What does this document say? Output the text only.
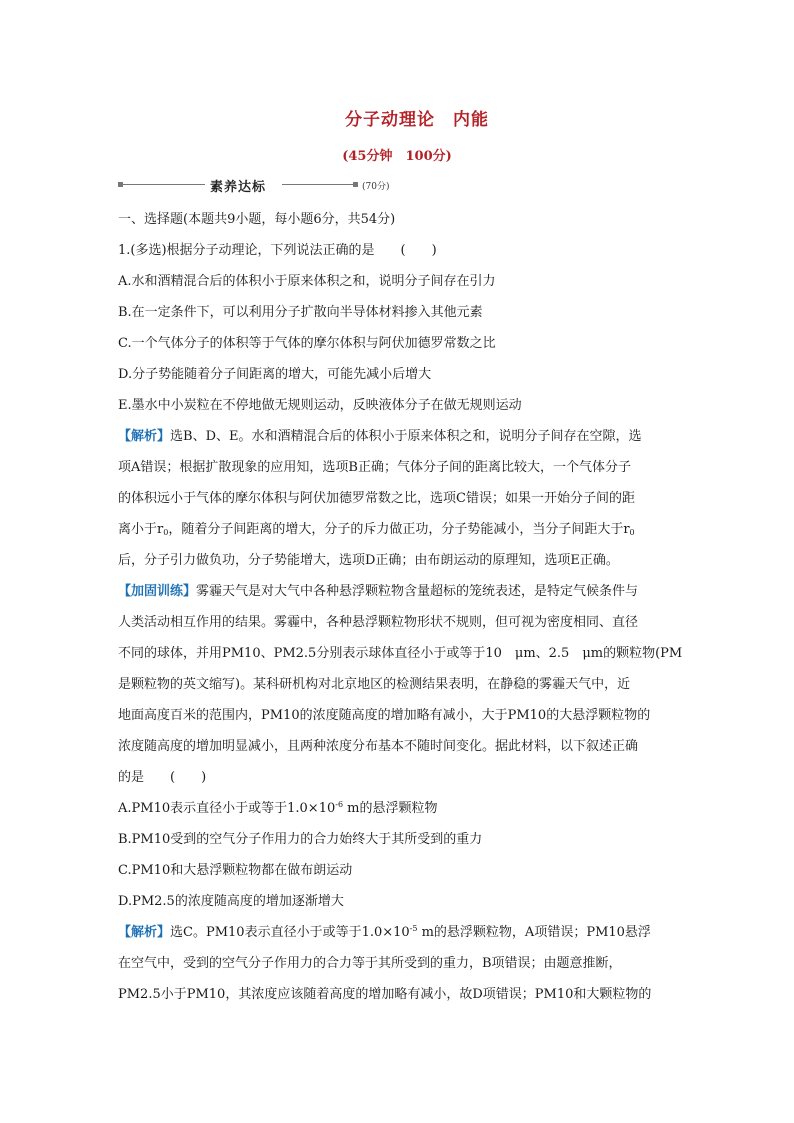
分子动理论　内能
(45分钟　100分)
素养达标	(70分)
一、选择题(本题共9小题，每小题6分，共54分)
1.(多选)根据分子动理论，下列说法正确的是　　(　　)
A.水和酒精混合后的体积小于原来体积之和，说明分子间存在引力
B.在一定条件下，可以利用分子扩散向半导体材料掺入其他元素
C.一个气体分子的体积等于气体的摩尔体积与阿伏加德罗常数之比
D.分子势能随着分子间距离的增大，可能先减小后增大
E.墨水中小炭粒在不停地做无规则运动，反映液体分子在做无规则运动
【解析】选B、D、E。水和酒精混合后的体积小于原来体积之和，说明分子间存在空隙，选
项A错误；根据扩散现象的应用知，选项B正确；气体分子间的距离比较大，一个气体分子
的体积远小于气体的摩尔体积与阿伏加德罗常数之比，选项C错误；如果一开始分子间的距
离小于$r_0$，随着分子间距离的增大，分子的斥力做正功，分子势能减小，当分子间距大于$r_0$
后，分子引力做负功，分子势能增大，选项D正确；由布朗运动的原理知，选项E正确。
【加固训练】雾霾天气是对大气中各种悬浮颗粒物含量超标的笼统表述，是特定气候条件与
人类活动相互作用的结果。雾霾中，各种悬浮颗粒物形状不规则，但可视为密度相同、直径
不同的球体，并用PM10、PM2.5分别表示球体直径小于或等于10　μm、2.5　μm的颗粒物(PM
是颗粒物的英文缩写)。某科研机构对北京地区的检测结果表明，在静稳的雾霾天气中，近
地面高度百米的范围内，PM10的浓度随高度的增加略有减小，大于PM10的大悬浮颗粒物的
浓度随高度的增加明显减小，且两种浓度分布基本不随时间变化。据此材料，以下叙述正确
的是　　(　　)
A.PM10表示直径小于或等于$1.0\times 10^{-6}$ m的悬浮颗粒物
B.PM10受到的空气分子作用力的合力始终大于其所受到的重力
C.PM10和大悬浮颗粒物都在做布朗运动
D.PM2.5的浓度随高度的增加逐渐增大
【解析】选C。PM10表示直径小于或等于$1.0\times 10^{-5}$ m的悬浮颗粒物，A项错误；PM10悬浮
在空气中，受到的空气分子作用力的合力等于其所受到的重力，B项错误；由题意推断，
PM2.5小于PM10，其浓度应该随着高度的增加略有减小，故D项错误；PM10和大颗粒物的
